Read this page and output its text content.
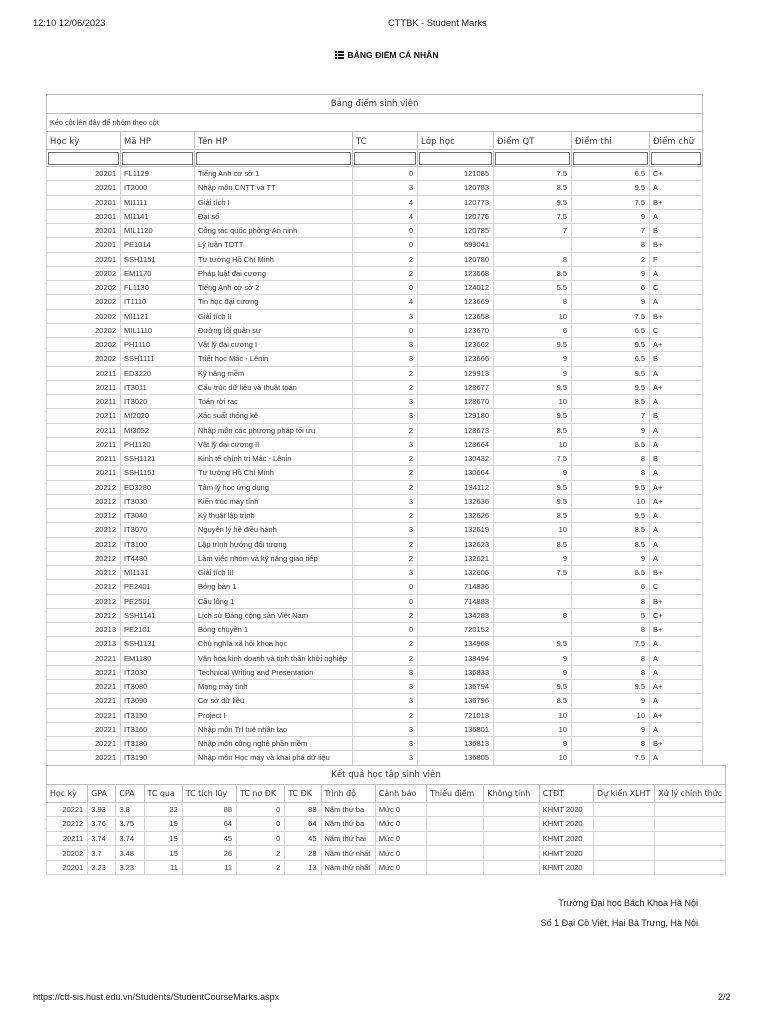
12:10 12/06/2023	CTTBK - Student Marks
BẢNG ĐIỂM CÁ NHÂN
Bảng điểm sinh viên							
Kéo cột lên đây để nhóm theo cột							
Học kỳ	Mã HP	Tên HP	TC	Lớp học	Điểm QT	Điểm thi	Điểm chữ

20201	FL1129	Tiếng Anh cơ sở 1	0	121085	7.5	6.5	C+
20201	IT2000	Nhập môn CNTT và TT	3	120783	8.5	9.5	A
20201	MI1111	Giải tích I	4	120773	9.5	7.5	B+
20201	MI1141	Đại số	4	120776	7.5	9	A
20201	MIL1120	Công tác quốc phòng-An ninh	0	120785	7	7	B
20201	PE1014	Lý luận TDTT	0	699041		8	B+
20201	SSH1151	Tư tưởng Hồ Chí Minh	2	120780	8	2	F
20202	EM1170	Pháp luật đại cương	2	123668	8.5	9	A
20202	FL1130	Tiếng Anh cơ sở 2	0	124012	5.5	6	C
20202	IT1110	Tin học đại cương	4	123669	8	9	A
20202	MI1121	Giải tích II	3	123658	10	7.5	B+
20202	MIL1110	Đường lối quân sự	0	123670	6	6.5	C
20202	PH1110	Vật lý đại cương I	3	123662	9.5	9.5	A+
20202	SSH1111	Triết học Mác - Lênin	3	123666	9	6.5	B
20211	ED3220	Kỹ năng mềm	2	129913	9	9.5	A
20211	IT3011	Cấu trúc dữ liệu và thuật toán	2	128677	9.5	9.5	A+
20211	IT3020	Toán rời rạc	3	128670	10	8.5	A
20211	MI2020	Xác suất thống kê	3	129180	9.5	7	B
20211	MI3052	Nhập môn các phương pháp tối ưu	2	128673	8.5	9	A
20211	PH1120	Vật lý đại cương II	3	128664	10	8.5	A
20211	SSH1121	Kinh tế chính trị Mác - Lênin	2	130432	7.5	8	B
20211	SSH1151	Tư tưởng Hồ Chí Minh	2	130664	9	8	A
20212	ED3280	Tâm lý học ứng dụng	2	134112	9.5	9.5	A+
20212	IT3030	Kiến trúc máy tính	3	132636	9.5	10	A+
20212	IT3040	Kỹ thuật lập trình	2	132626	8.5	9.5	A
20212	IT3070	Nguyên lý hệ điều hành	3	132619	10	8.5	A
20212	IT3100	Lập trình hướng đối tượng	2	132623	8.5	8.5	A
20212	IT4480	Làm việc nhóm và kỹ năng giao tiếp	2	132621	9	9	A
20212	MI1131	Giải tích III	3	132606	7.5	8.5	B+
20212	PE2401	Bóng bàn 1	0	714836		6	C
20212	PE2501	Cầu lông 1	0	714883		8	B+
20212	SSH1141	Lịch sử Đảng cộng sản Việt Nam	2	134283	8	5	C+
20213	PE2101	Bóng chuyền 1	0	720152		8	B+
20213	SSH1131	Chủ nghĩa xã hội khoa học	2	134968	9.5	7.5	A
20221	EM1180	Văn hóa kinh doanh và tinh thần khởi nghiệp	2	138494	9	8	A
20221	IT2030	Technical Writing and Presentation	3	136833	9	8	A
20221	IT3080	Mạng máy tính	3	136794	9.5	9.5	A+
20221	IT3090	Cơ sở dữ liệu	3	136796	8.5	9	A
20221	IT3150	Project I	2	721013	10	10	A+
20221	IT3160	Nhập môn Trí tuệ nhân tạo	3	136801	10	9	A
20221	IT3180	Nhập môn công nghệ phần mềm	3	136813	9	8	B+
20221	IT3190	Nhập môn Học máy và khai phá dữ liệu	3	136805	10	7.5	A
Kết quả học tập sinh viên													
Học kỳ	GPA	CPA	TC qua	TC tích lũy	TC nợ ĐK	TC ĐK	Trình độ	Cảnh báo	Thiếu điểm	Không tính	CTĐT	Dự kiến XLHT	Xử lý chính thức
20221	3.93	3.8	22	88	0	88	Năm thứ ba	Mức 0			KHMT 2020		
20212	3.76	3.75	19	64	0	64	Năm thứ ba	Mức 0			KHMT 2020		
20211	3.74	3.74	19	45	0	45	Năm thứ hai	Mức 0			KHMT 2020		
20202	3.7	3.48	15	26	2	28	Năm thứ nhất	Mức 0			KHMT 2020		
20201	3.23	3.23	11	11	2	13	Năm thứ nhất	Mức 0			KHMT 2020		
Trường Đại học Bách Khoa Hà Nội
Số 1 Đại Cồ Việt, Hai Bà Trưng, Hà Nội
https://ctt-sis.hust.edu.vn/Students/StudentCourseMarks.aspx	2/2
